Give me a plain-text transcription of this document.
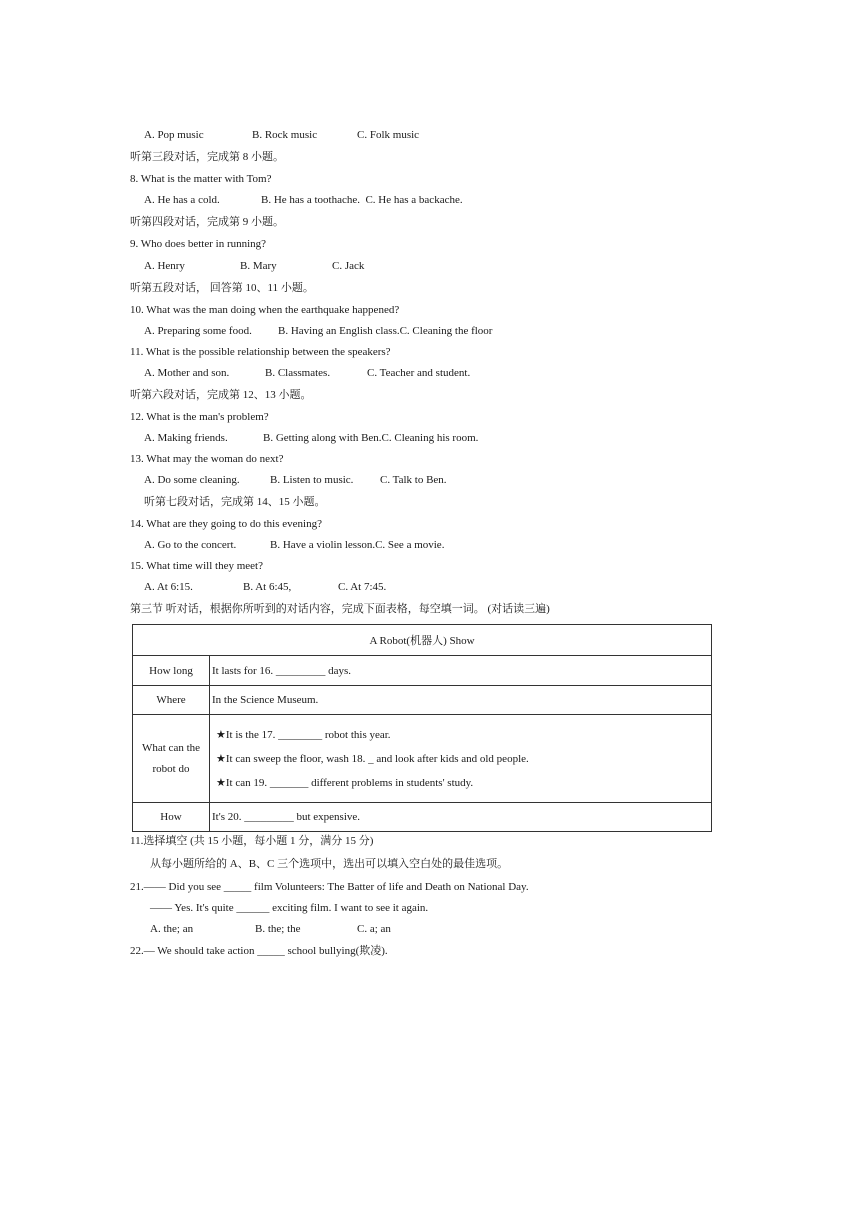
A. Pop music	B. Rock music	C. Folk music
听第三段对话，完成第 8 小题。
8. What is the matter with Tom?
A. He has a cold.	B. He has a toothache.  C. He has a backache.
听第四段对话，完成第 9 小题。
9. Who does better in running?
A. Henry	B. Mary	C. Jack
听第五段对话， 回答第 10、11 小题。
10. What was the man doing when the earthquake happened?
A. Preparing some food. B. Having an English class.C. Cleaning the floor
11. What is the possible relationship between the speakers?
A. Mother and son.	B. Classmates.	C. Teacher and student.
听第六段对话，完成第 12、13 小题。
12. What is the man's problem?
A. Making friends.	B. Getting along with Ben.C. Cleaning his room.
13. What may the woman do next?
A. Do some cleaning.	B. Listen to music. C. Talk to Ben.
听第七段对话，完成第 14、15 小题。
14. What are they going to do this evening?
A. Go to the concert.	B. Have a violin lesson.C. See a movie.
15. What time will they meet?
A. At 6:15.	B. At 6:45,	C. At 7:45.
第三节 听对话，根据你所听到的对话内容，完成下面表格，每空填一词。 (对话读三遍)
A Robot(机器人) Show	
How long	It lasts for 16. _________ days.

Where	In the Science Museum.

What can the robot do	★It is the 17. ________ robot this year.
★It can sweep the floor, wash 18. _ and look after kids and old people.
★It can 19. _______ different problems in students' study.

How	It's 20. _________ but expensive.
11.选择填空 (共 15 小题，每小题 1 分，满分 15 分)
从每小题所给的 A、B、C 三个选项中，选出可以填入空白处的最佳选项。
21.—— Did you see _____ film Volunteers: The Batter of life and Death on National Day.
—— Yes. It's quite ______ exciting film. I want to see it again.
A. the; an	B. the; the	C. a; an
22.— We should take action _____ school bullying(欺凌).
